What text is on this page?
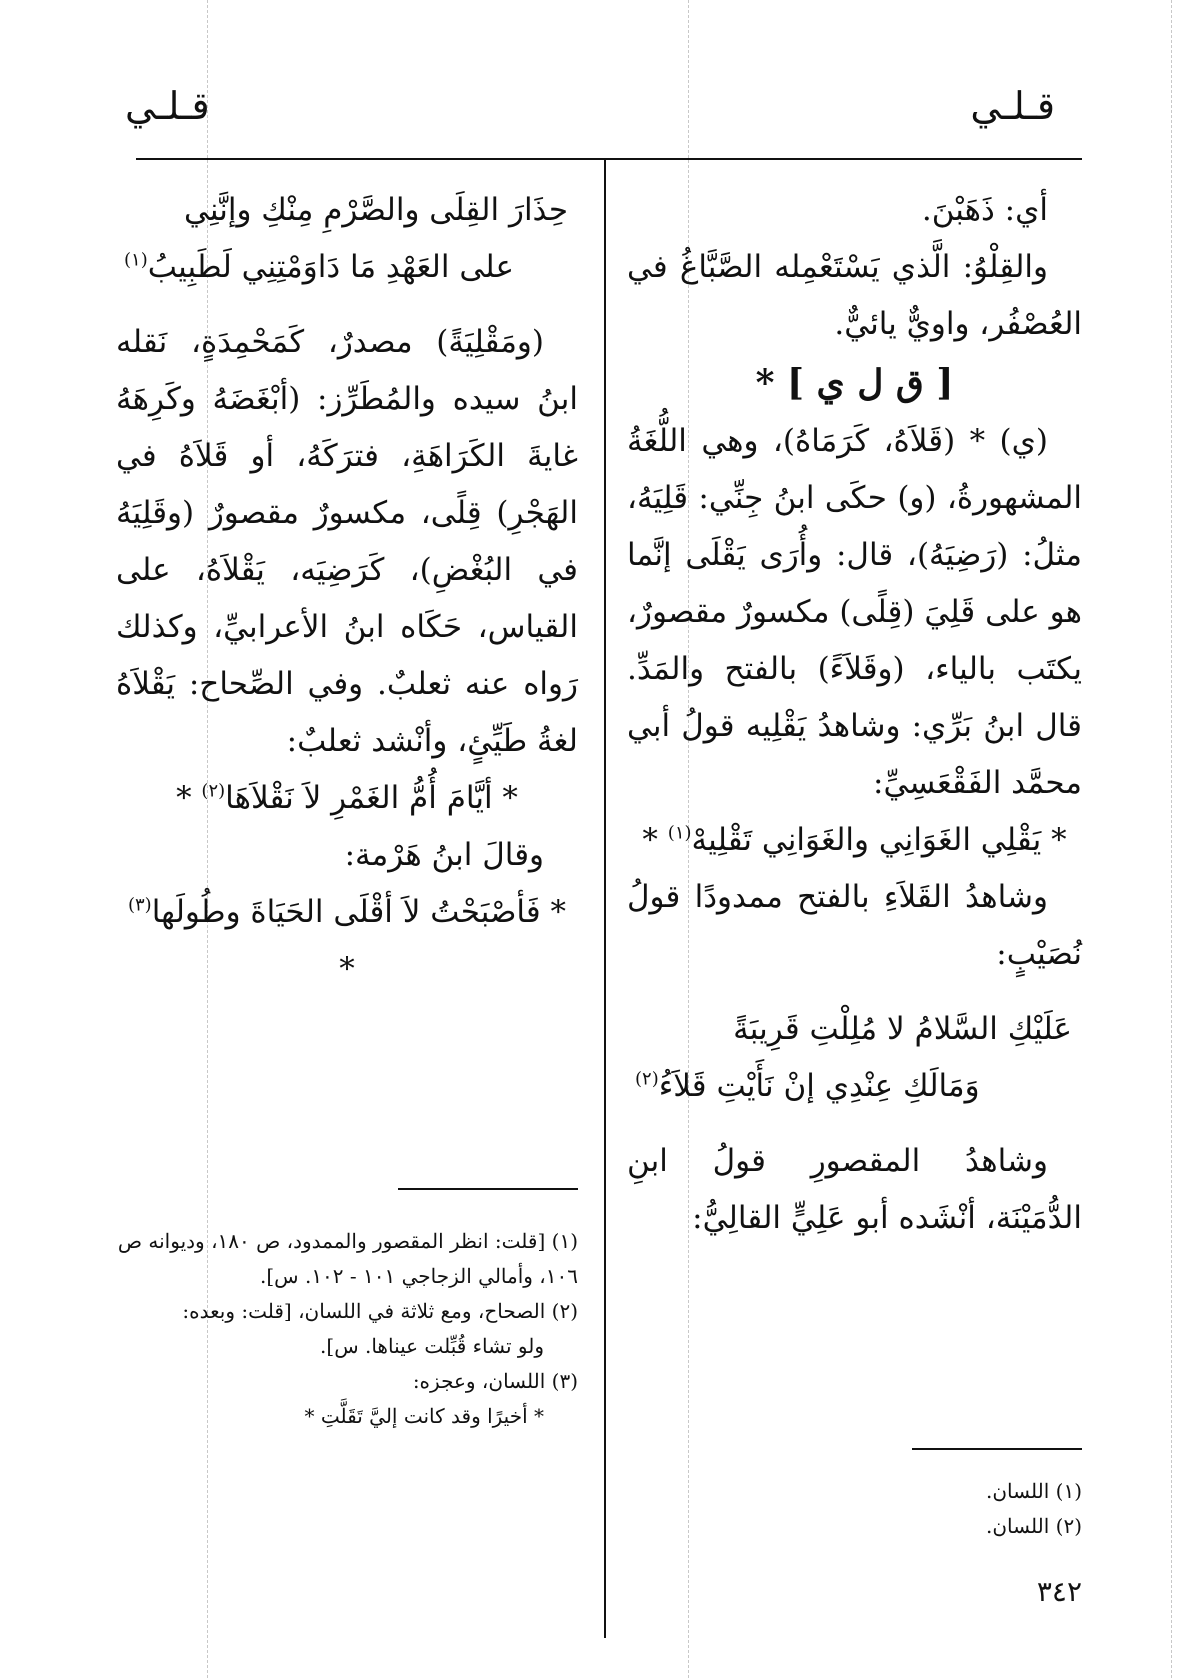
قـلـي
قـلـي

أي: ذَهَبْنَ.

والقِلْوُ: الَّذي يَسْتَعْمِله الصَّبَّاغُ في العُصْفُر، واويٌّ يائيٌّ.

[ ق ل ي ] *

(ي) * (قَلاَهُ، كَرَمَاهُ)، وهي اللُّغَةُ المشهورةُ، (و) حكَى ابنُ جِنِّي: قَلِيَهُ، مثلُ: (رَضِيَهُ)، قال: وأُرَى يَقْلَى إنَّما هو على قَلِيَ (قِلًى) مكسورٌ مقصورٌ، يكتَب بالياء، (وقَلاَءً) بالفتح والمَدِّ. قال ابنُ بَرِّي: وشاهدُ يَقْلِيه قولُ أبي محمَّد الفَقْعَسِيِّ:

* يَقْلِي الغَوَانِي والغَوَانِي تَقْلِيهْ$^{(١)}$ *

وشاهدُ القَلاَءِ بالفتح ممدودًا قولُ نُصَيْبٍ:

عَلَيْكِ السَّلامُ لا مُلِلْتِ قَرِيبَةً

وَمَالَكِ عِنْدِي إنْ نَأَيْتِ قَلاَءُ$^{(٢)}$

وشاهدُ المقصورِ قولُ ابنِ الدُّمَيْنَة، أنْشَده أبو عَلِيٍّ القالِيُّ:

حِذَارَ القِلَى والصَّرْمِ مِنْكِ وإنَّنِي

على العَهْدِ مَا دَاوَمْتِنِي لَطَبِيبُ$^{(١)}$

(ومَقْلِيَةً) مصدرٌ، كَمَحْمِدَةٍ، نَقله ابنُ سيده والمُطَرِّز: (أبْغَضَهُ وكَرِهَهُ غايةَ الكَرَاهَةِ، فترَكَهُ، أو قَلاَهُ في الهَجْرِ) قِلًى، مكسورٌ مقصورٌ (وقَلِيَهُ في البُغْضِ)، كَرَضِيَه، يَقْلاَهُ، على القياس، حَكَاه ابنُ الأعرابيِّ، وكذلك رَواه عنه ثعلبٌ. وفي الصِّحاح: يَقْلاَهُ لغةُ طَيِّئٍ، وأنْشد ثعلبٌ:

* أيَّامَ أُمُّ الغَمْرِ لاَ نَقْلاَهَا$^{(٢)}$ *

وقالَ ابنُ هَرْمة:

* فَأصْبَحْتُ لاَ أقْلَى الحَيَاةَ وطُولَها$^{(٣)}$ *

(١) [قلت: انظر المقصور والممدود، ص ١٨٠، وديوانه ص ١٠٦، وأمالي الزجاجي ١٠١ - ١٠٢. س].

(٢) الصحاح، ومع ثلاثة في اللسان، [قلت: وبعده:

ولو تشاء قُبِّلت عيناها. س].

(٣) اللسان، وعجزه:

* أخيرًا وقد كانت إليَّ تَقَلَّتِ *

(١) اللسان.

(٢) اللسان.

٣٤٢
